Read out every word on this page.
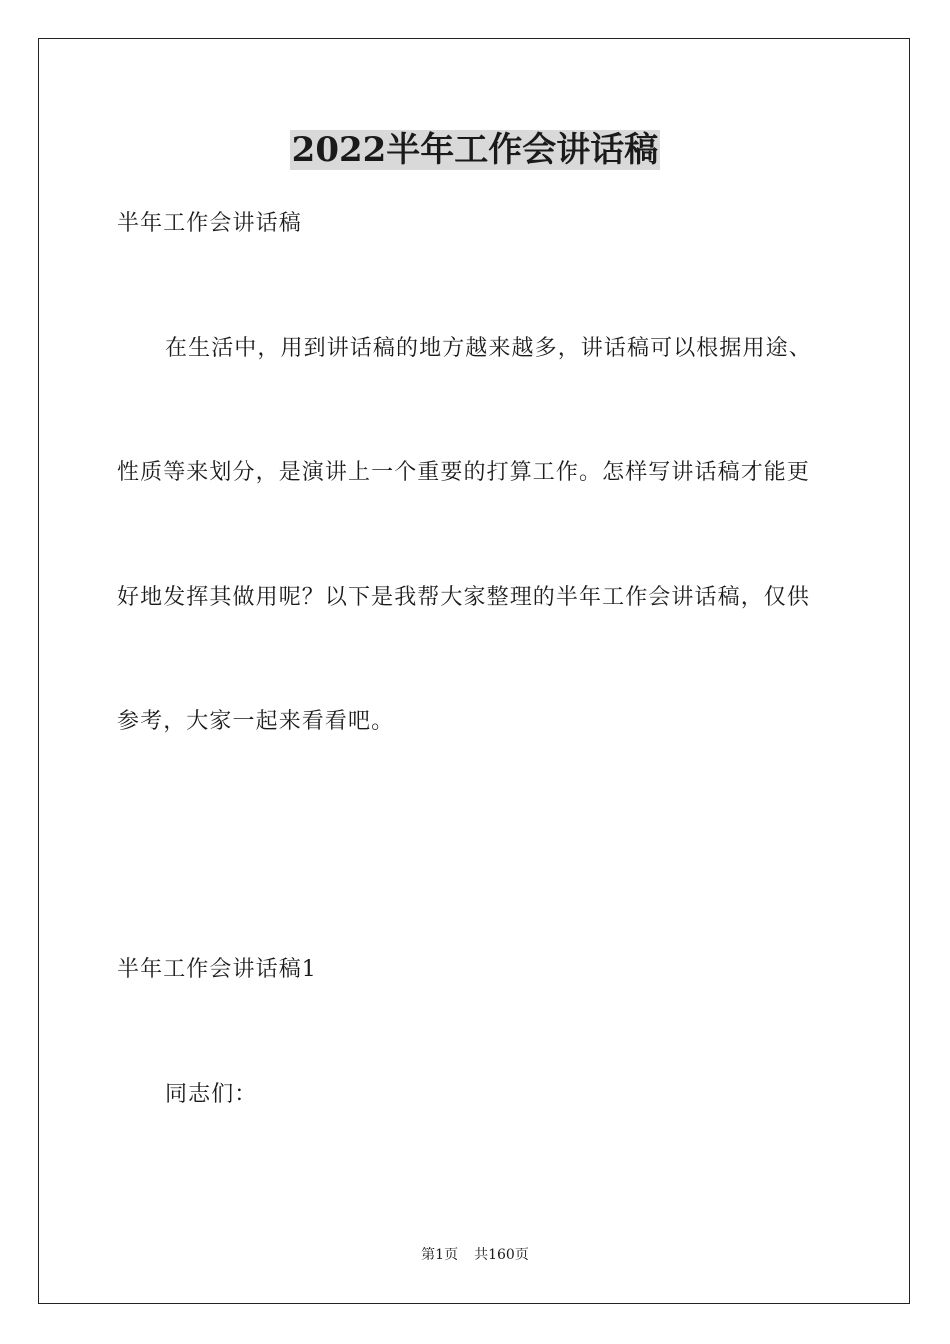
2022半年工作会讲话稿
半年工作会讲话稿
在生活中，用到讲话稿的地方越来越多，讲话稿可以根据用途、
性质等来划分，是演讲上一个重要的打算工作。怎样写讲话稿才能更
好地发挥其做用呢？以下是我帮大家整理的半年工作会讲话稿，仅供
参考，大家一起来看看吧。
半年工作会讲话稿1
同志们：
第1页 共160页
